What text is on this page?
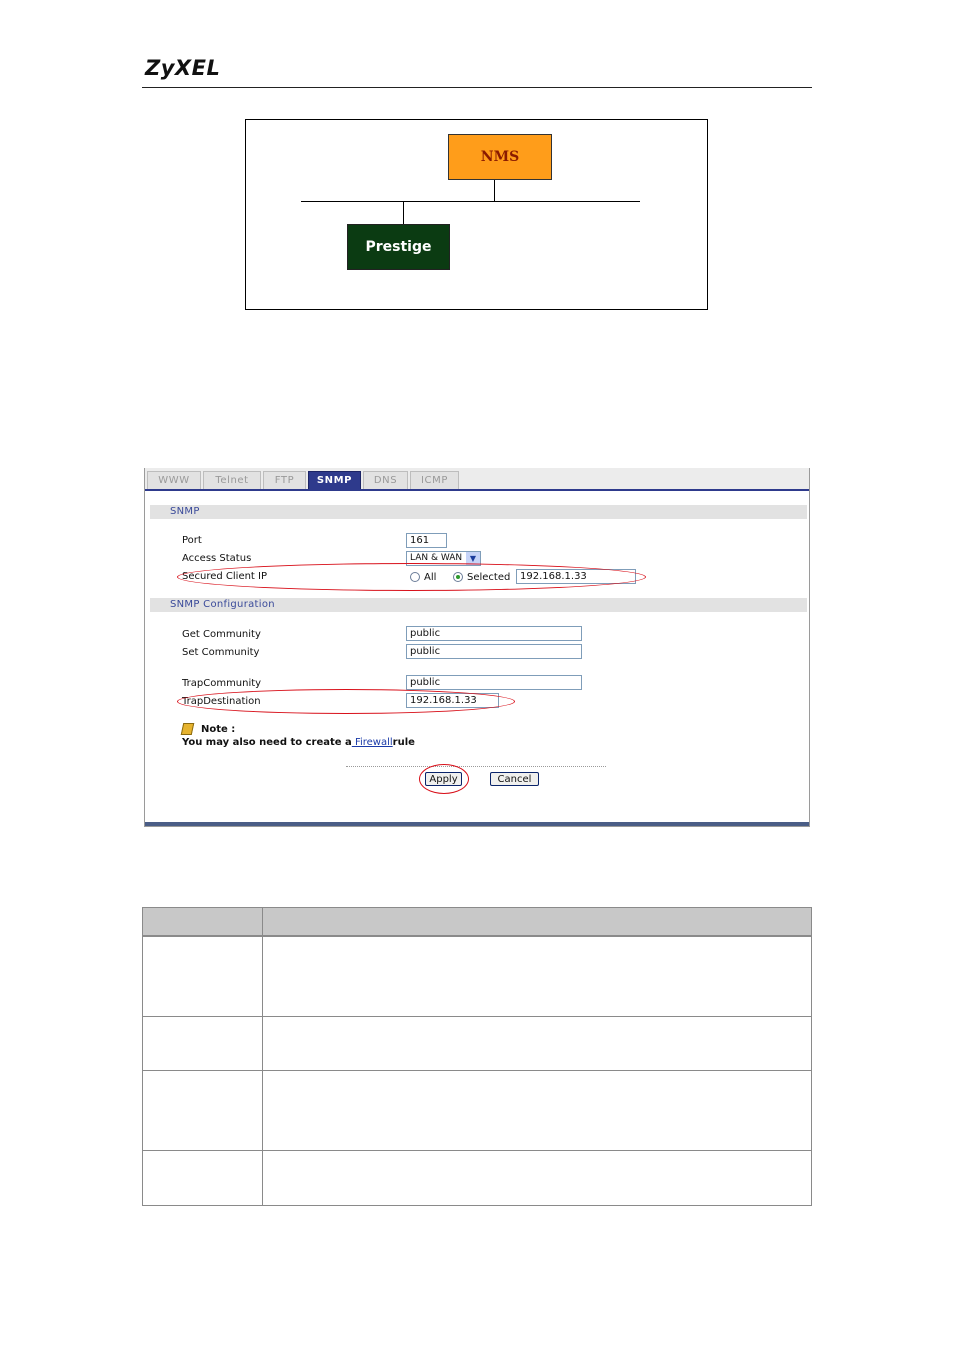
ZyXEL
NMS
Prestige
WWW	Telnet	FTP	SNMP	DNS	ICMP
SNMP
Port	161
Access Status	LAN & WAN ▼
Secured Client IP	All	Selected 192.168.1.33
SNMP Configuration
Get Community	public
Set Community	public
TrapCommunity	public
TrapDestination	192.168.1.33
Note :
You may also need to create a Firewallrule
Apply	Cancel
